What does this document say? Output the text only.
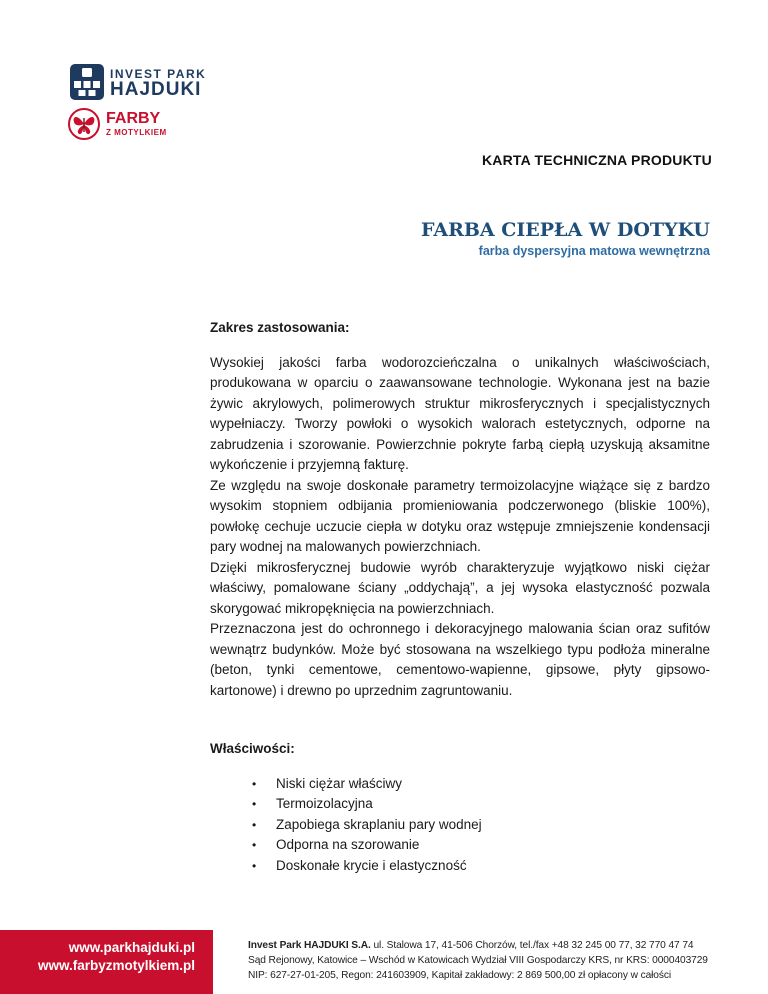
INVEST PARK
HAJDUKI
FARBY
Z MOTYLKIEM
KARTA TECHNICZNA PRODUKTU
FARBA CIEPŁA W DOTYKU
farba dyspersyjna matowa wewnętrzna

Zakres zastosowania:

Wysokiej jakości farba wodorozcieńczalna o unikalnych właściwościach, produkowana w oparciu o zaawansowane technologie. Wykonana jest na bazie żywic akrylowych, polimerowych struktur mikrosferycznych i specjalistycznych wypełniaczy. Tworzy powłoki o wysokich walorach estetycznych, odporne na zabrudzenia i szorowanie. Powierzchnie pokryte farbą ciepłą uzyskują aksamitne wykończenie i przyjemną fakturę.

Ze względu na swoje doskonałe parametry termoizolacyjne wiążące się z bardzo wysokim stopniem odbijania promieniowania podczerwonego (bliskie 100%), powłokę cechuje uczucie ciepła w dotyku oraz wstępuje zmniejszenie kondensacji pary wodnej na malowanych powierzchniach.

Dzięki mikrosferycznej budowie wyrób charakteryzuje wyjątkowo niski ciężar właściwy, pomalowane ściany „oddychają”, a jej wysoka elastyczność pozwala skorygować mikropęknięcia na powierzchniach.

Przeznaczona jest do ochronnego i dekoracyjnego malowania ścian oraz sufitów wewnątrz budynków. Może być stosowana na wszelkiego typu podłoża mineralne (beton, tynki cementowe, cementowo-wapienne, gipsowe, płyty gipsowo-kartonowe) i drewno po uprzednim zagruntowaniu.

Właściwości:

• Niski ciężar właściwy
• Termoizolacyjna
• Zapobiega skraplaniu pary wodnej
• Odporna na szorowanie
• Doskonałe krycie i elastyczność
www.parkhajduki.pl
www.farbyzmotylkiem.pl
Invest Park HAJDUKI S.A. ul. Stalowa 17, 41-506 Chorzów, tel./fax +48 32 245 00 77, 32 770 47 74
Sąd Rejonowy, Katowice – Wschód w Katowicach Wydział VIII Gospodarczy KRS, nr KRS: 0000403729
NIP: 627-27-01-205, Regon: 241603909, Kapitał zakładowy: 2 869 500,00 zł opłacony w całości
